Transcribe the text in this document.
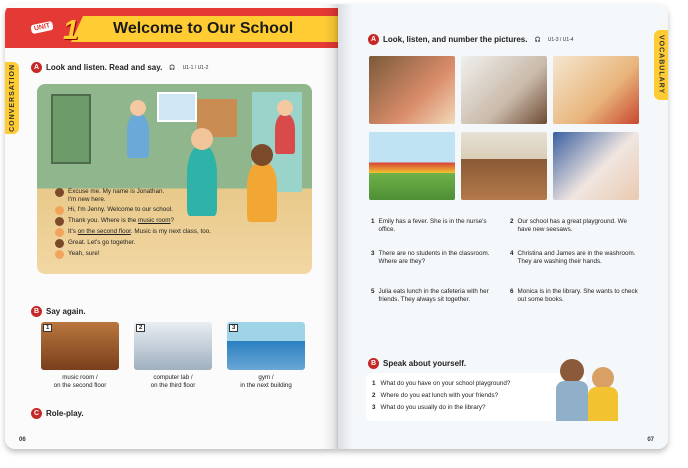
UNIT 1 Welcome to Our School
CONVERSATION	A Look and listen. Read and say. 🎧 U1-1 / U1-2
Excuse me. My name is Jonathan.
I'm new here.
Hi, I'm Jenny. Welcome to our school.
Thank you. Where is the music room?
It's on the second floor. Music is my next class, too.
Great. Let's go together.
Yeah, sure!
B Say again.
1	2	3
music room /
on the second floor
computer lab /
on the third floor
gym /
in the next building
C Role-play.
06
VOCABULARY
A Look, listen, and number the pictures. 🎧 U1-3 / U1-4
1 Emily has a fever. She is in the nurse's office.
2 Our school has a great playground. We have new seesaws.
3 There are no students in the classroom. Where are they?
4 Christina and James are in the washroom. They are washing their hands.
5 Julia eats lunch in the cafeteria with her friends. They always sit together.
6 Monica is in the library. She wants to check out some books.
B Speak about yourself.
07
1 What do you have on your school playground?
2 Where do you eat lunch with your friends?
3 What do you usually do in the library?
